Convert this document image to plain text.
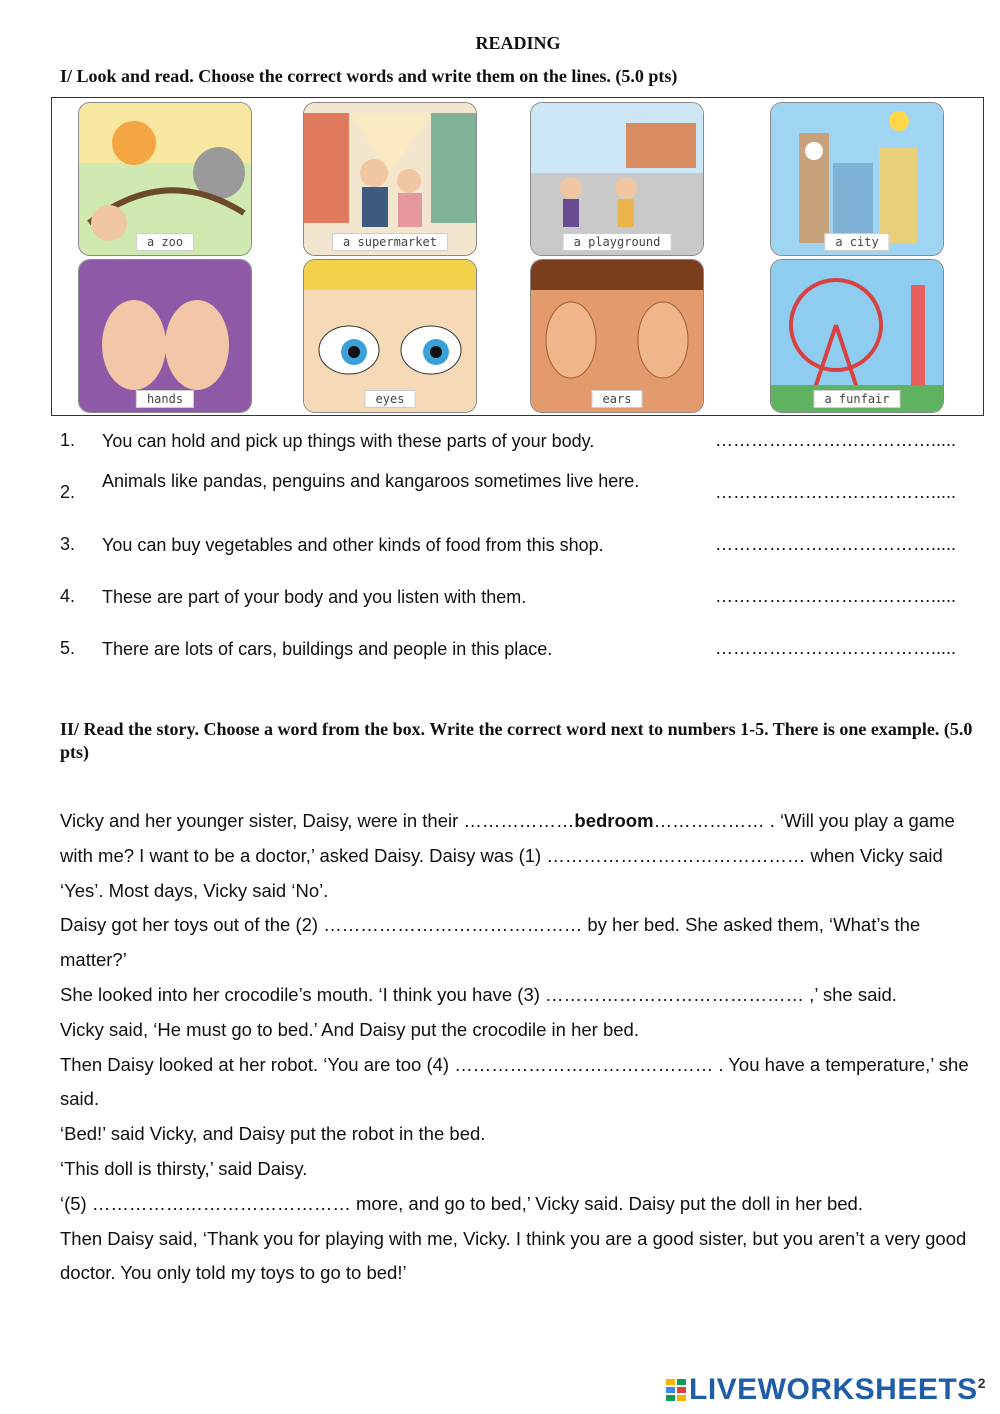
READING
I/ Look and read. Choose the correct words and write them on the lines. (5.0 pts)
a zoo	a supermarket	a playground	a city
hands	eyes	ears	a funfair
1. You can hold and pick up things with these parts of your body.	……………………………….....
2.
Animals like pandas, penguins and kangaroos sometimes live here.
……………………………….....
3. You can buy vegetables and other kinds of food from this shop.	……………………………….....
4. These are part of your body and you listen with them.	……………………………….....
5. There are lots of cars, buildings and people in this place.	……………………………….....
II/ Read the story. Choose a word from the box. Write the correct word next to numbers 1-5. There is one example. (5.0 pts)

Vicky and her younger sister, Daisy, were in their ………………bedroom……………… . ‘Will you play a game with me? I want to be a doctor,’ asked Daisy. Daisy was (1) …………………………………… when Vicky said ‘Yes’. Most days, Vicky said ‘No’.

Daisy got her toys out of the (2) …………………………………… by her bed. She asked them, ‘What’s the matter?’

She looked into her crocodile’s mouth. ‘I think you have (3) …………………………………… ,’ she said.

Vicky said, ‘He must go to bed.’ And Daisy put the crocodile in her bed.

Then Daisy looked at her robot. ‘You are too (4) …………………………………… . You have a temperature,’ she said.

‘Bed!’ said Vicky, and Daisy put the robot in the bed.

‘This doll is thirsty,’ said Daisy.

‘(5) …………………………………… more, and go to bed,’ Vicky said. Daisy put the doll in her bed.

Then Daisy said, ‘Thank you for playing with me, Vicky. I think you are a good sister, but you aren’t a very good doctor. You only told my toys to go to bed!’

LIVEWORKSHEETS$^2$
